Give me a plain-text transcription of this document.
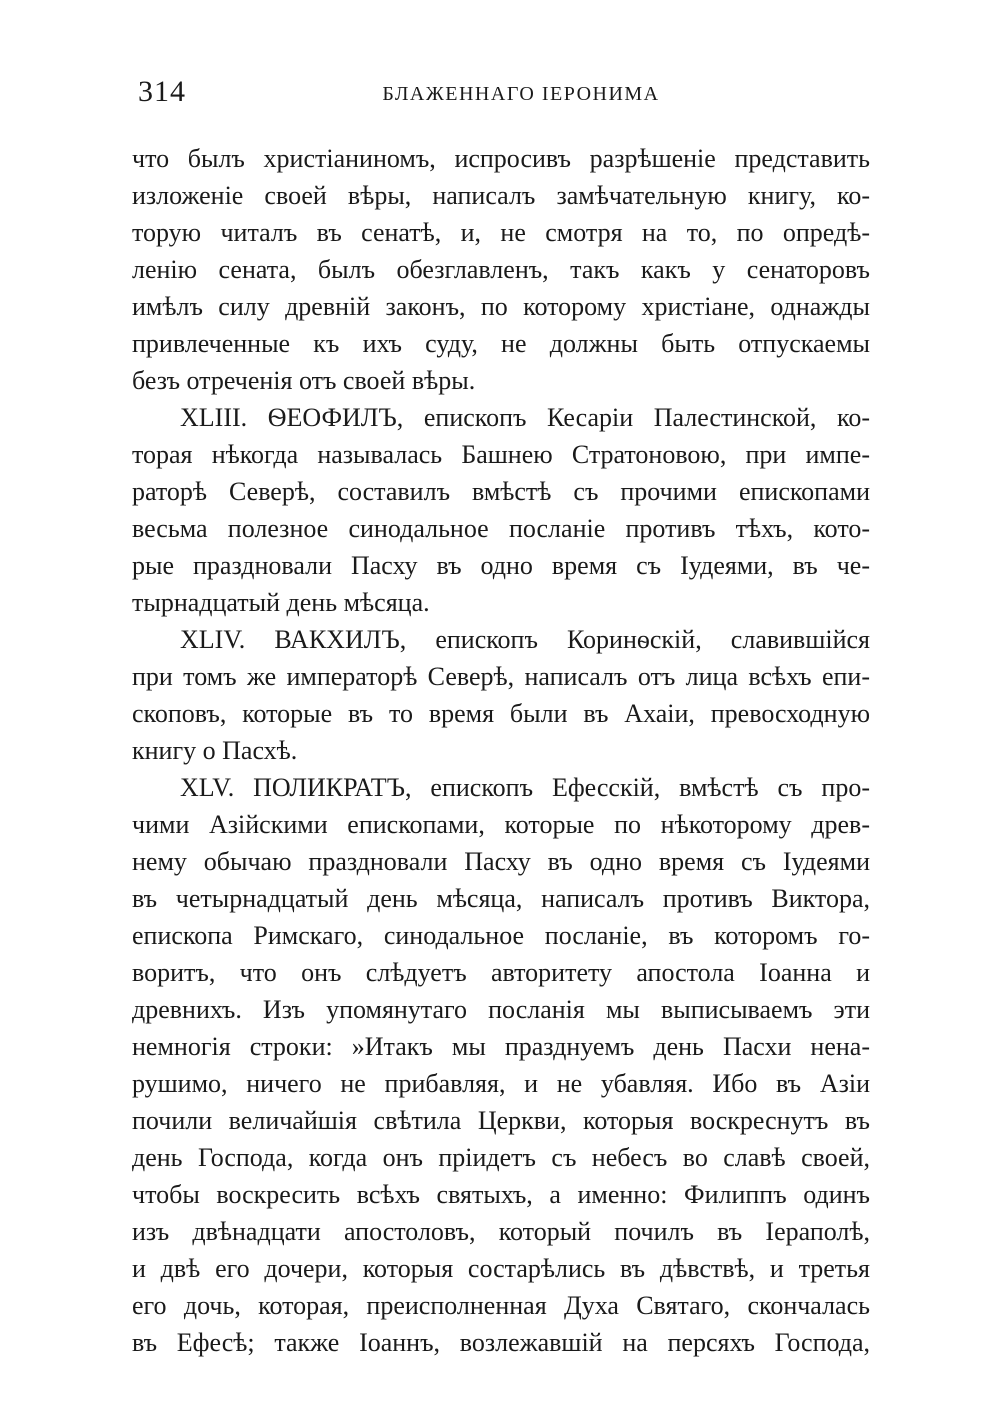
314	БЛАЖЕННАГО ІЕРОНИМА
что былъ христіаниномъ, испросивъ разрѣшеніе представить
изложеніе своей вѣры, написалъ замѣчательную книгу, ко-
торую читалъ въ сенатѣ, и, не смотря на то, по опредѣ-
ленію сената, былъ обезглавленъ, такъ какъ у сенаторовъ
имѣлъ силу древній законъ, по которому христіане, однажды
привлеченные къ ихъ суду, не должны быть отпускаемы
безъ отреченія отъ своей вѣры.
XLIII. ѲЕОФИЛЪ, епископъ Кесаріи Палестинской, ко-
торая нѣкогда называлась Башнею Стратоновою, при импе-
раторѣ Северѣ, составилъ вмѣстѣ съ прочими епископами
весьма полезное синодальное посланіе противъ тѣхъ, кото-
рые праздновали Пасху въ одно время съ Іудеями, въ че-
тырнадцатый день мѣсяца.
XLIV. ВАКХИЛЪ, епископъ Коринѳскій, славившійся
при томъ же императорѣ Северѣ, написалъ отъ лица всѣхъ епи-
скоповъ, которые въ то время были въ Ахаіи, превосходную
книгу о Пасхѣ.
XLV. ПОЛИКРАТЪ, епископъ Ефесскій, вмѣстѣ съ про-
чими Азійскими епископами, которые по нѣкоторому древ-
нему обычаю праздновали Пасху въ одно время съ Іудеями
въ четырнадцатый день мѣсяца, написалъ противъ Виктора,
епископа Римскаго, синодальное посланіе, въ которомъ го-
воритъ, что онъ слѣдуетъ авторитету апостола Іоанна и
древнихъ. Изъ упомянутаго посланія мы выписываемъ эти
немногія строки: »Итакъ мы празднуемъ день Пасхи нена-
рушимо, ничего не прибавляя, и не убавляя. Ибо въ Азіи
почили величайшія свѣтила Церкви, которыя воскреснутъ въ
день Господа, когда онъ пріидетъ съ небесъ во славѣ своей,
чтобы воскресить всѣхъ святыхъ, а именно: Филиппъ одинъ
изъ двѣнадцати апостоловъ, который почилъ въ Іераполѣ,
и двѣ его дочери, которыя состарѣлись въ дѣвствѣ, и третья
его дочь, которая, преисполненная Духа Святаго, скончалась
въ Ефесѣ; также Іоаннъ, возлежавшій на персяхъ Господа,
